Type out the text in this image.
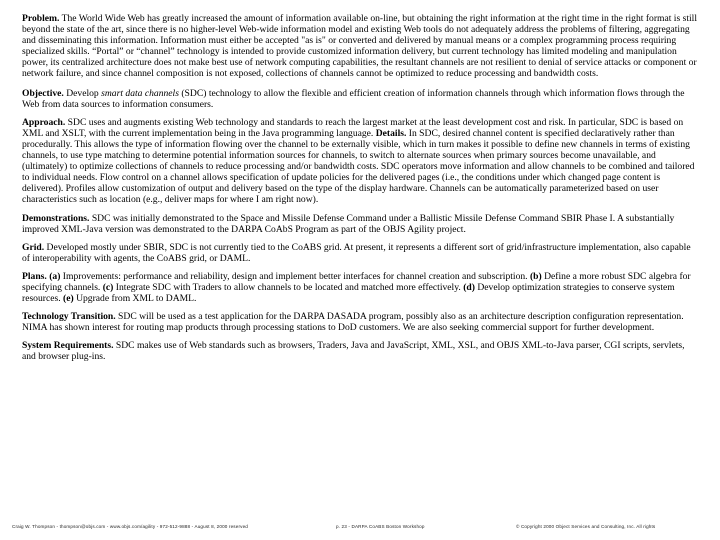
Problem. The World Wide Web has greatly increased the amount of information available on-line, but obtaining the right information at the right time in the right format is still beyond the state of the art, since there is no higher-level Web-wide information model and existing Web tools do not adequately address the problems of filtering, aggregating and disseminating this information. Information must either be accepted "as is" or converted and delivered by manual means or a complex programming process requiring specialized skills. “Portal” or “channel” technology is intended to provide customized information delivery, but current technology has limited modeling and manipulation power, its centralized architecture does not make best use of network computing capabilities, the resultant channels are not resilient to denial of service attacks or component or network failure, and since channel composition is not exposed, collections of channels cannot be optimized to reduce processing and bandwidth costs.

Objective. Develop smart data channels (SDC) technology to allow the flexible and efficient creation of information channels through which information flows through the Web from data sources to information consumers.

Approach. SDC uses and augments existing Web technology and standards to reach the largest market at the least development cost and risk. In particular, SDC is based on XML and XSLT, with the current implementation being in the Java programming language. Details. In SDC, desired channel content is specified declaratively rather than procedurally. This allows the type of information flowing over the channel to be externally visible, which in turn makes it possible to define new channels in terms of existing channels, to use type matching to determine potential information sources for channels, to switch to alternate sources when primary sources become unavailable, and (ultimately) to optimize collections of channels to reduce processing and/or bandwidth costs. SDC operators move information and allow channels to be combined and tailored to individual needs. Flow control on a channel allows specification of update policies for the delivered pages (i.e., the conditions under which changed page content is delivered). Profiles allow customization of output and delivery based on the type of the display hardware. Channels can be automatically parameterized based on user characteristics such as location (e.g., deliver maps for where I am right now).

Demonstrations. SDC was initially demonstrated to the Space and Missile Defense Command under a Ballistic Missile Defense Command SBIR Phase I. A substantially improved XML-Java version was demonstrated to the DARPA CoAbS Program as part of the OBJS Agility project.

Grid. Developed mostly under SBIR, SDC is not currently tied to the CoABS grid. At present, it represents a different sort of grid/infrastructure implementation, also capable of interoperability with agents, the CoABS grid, or DAML.

Plans. (a) Improvements: performance and reliability, design and implement better interfaces for channel creation and subscription. (b) Define a more robust SDC algebra for specifying channels. (c) Integrate SDC with Traders to allow channels to be located and matched more effectively. (d) Develop optimization strategies to conserve system resources. (e) Upgrade from XML to DAML.

Technology Transition. SDC will be used as a test application for the DARPA DASADA program, possibly also as an architecture description configuration representation. NIMA has shown interest for routing map products through processing stations to DoD customers. We are also seeking commercial support for further development.

System Requirements. SDC makes use of Web standards such as browsers, Traders, Java and JavaScript, XML, XSL, and OBJS XML-to-Java parser, CGI scripts, servlets, and browser plug-ins.

Craig W. Thompson - thompson@objs.com - www.objs.com/agility - 972-512-9888 - August 8, 2000 reserved	p. 23 - DARPA CoABS Boston Workshop	© Copyright 2000 Object Services and Consulting, Inc. All rights
